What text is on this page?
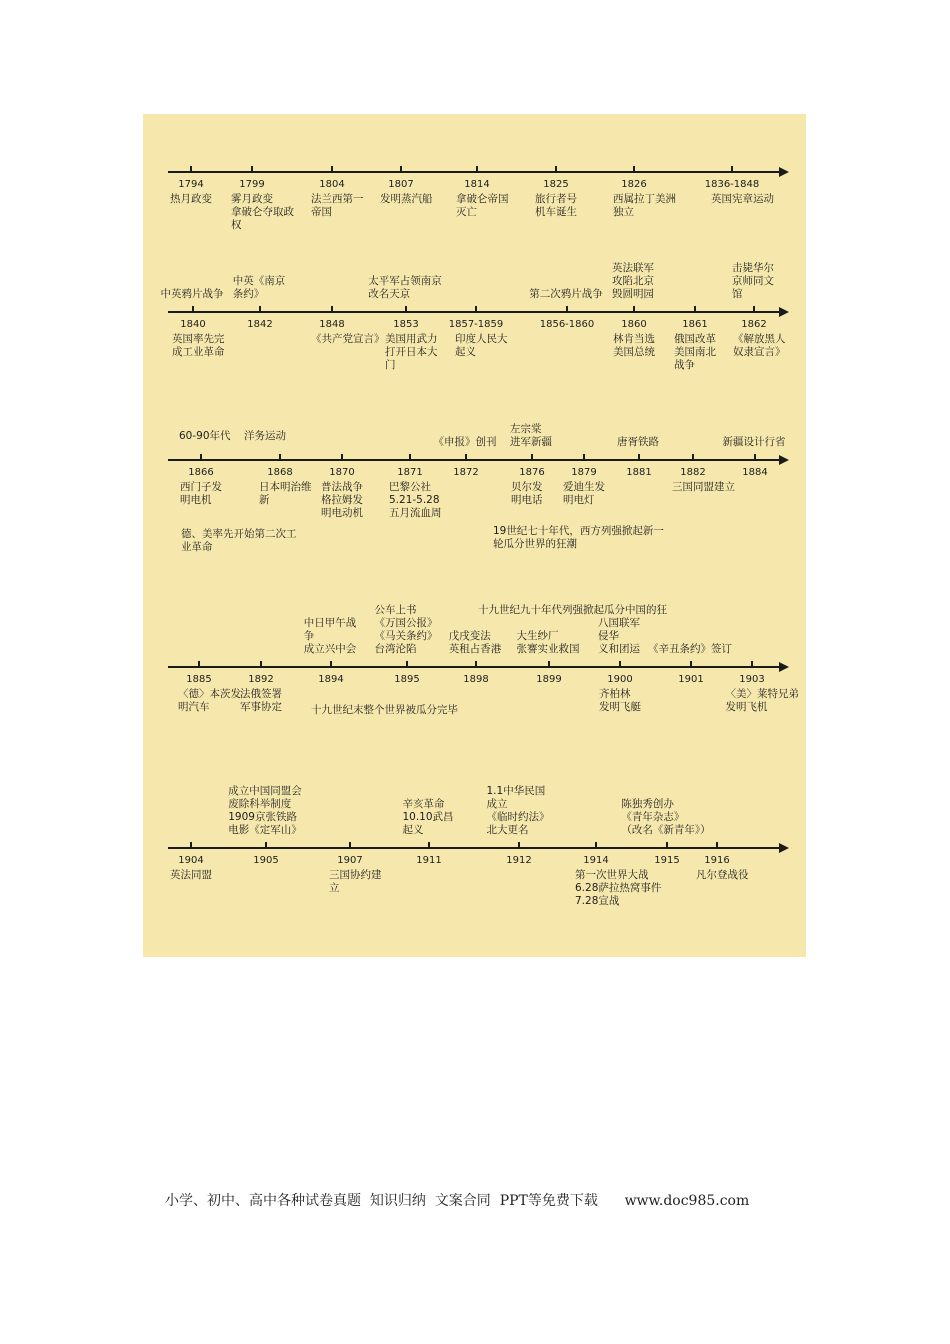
1794
热月政变
1799
雾月政变
拿破仑夺取政
权
1804
法兰西第一
帝国
1807
发明蒸汽船
1814
拿破仑帝国
灭亡
1825
旅行者号
机车诞生
1826
西属拉丁美洲
独立
1836-1848
英国宪章运动
1840
中英鸦片战争
英国率先完
成工业革命
1842
中英《南京
条约》
1848
《共产党宣言》
1853
太平军占领南京
改名天京
美国用武力
打开日本大
门
1857-1859
印度人民大
起义
1856-1860
第二次鸦片战争
1860
英法联军
攻陷北京
毁圆明园
林肯当选
美国总统
1861
俄国改革
美国南北
战争
1862
击毙华尔
京师同文
馆
《解放黑人
奴隶宣言》
1866
西门子发
明电机
1868
日本明治维
新
1870
普法战争
格拉姆发
明电动机
1871
巴黎公社
5.21-5.28
五月流血周
1872
《申报》创刊
1876
左宗棠
进军新疆
贝尔发
明电话
1879
爱迪生发
明电灯
1881
唐胥铁路
1882
三国同盟建立
1884
新疆设计行省
60-90年代 洋务运动
德、美率先开始第二次工
业革命
19世纪七十年代，西方列强掀起新一
轮瓜分世界的狂潮
1885
〈德〉本茨发
明汽车
1892
法俄签署
军事协定
1894
中日甲午战
争
成立兴中会
1895
公车上书
《万国公报》
《马关条约》
台湾沦陷
1898
戊戌变法
英租占香港
1899
大生纱厂
张謇实业救国
1900
八国联军
侵华
义和团运
齐柏林
发明飞艇
1901
《辛丑条约》签订
1903
〈美〉莱特兄弟
发明飞机
十九世纪九十年代列强掀起瓜分中国的狂
十九世纪末整个世界被瓜分完毕
1904
英法同盟
1905
成立中国同盟会
废除科举制度
1909京张铁路
电影《定军山》
1907
三国协约建
立
1911
辛亥革命
10.10武昌
起义
1912
1.1中华民国
成立
《临时约法》
北大更名
1914
第一次世界大战
6.28萨拉热窝事件
7.28宣战
1915
陈独秀创办
《青年杂志》
（改名《新青年》）
1916
凡尔登战役
小学、初中、高中各种试卷真题  知识归纳  文案合同  PPT等免费下载      www.doc985.com
